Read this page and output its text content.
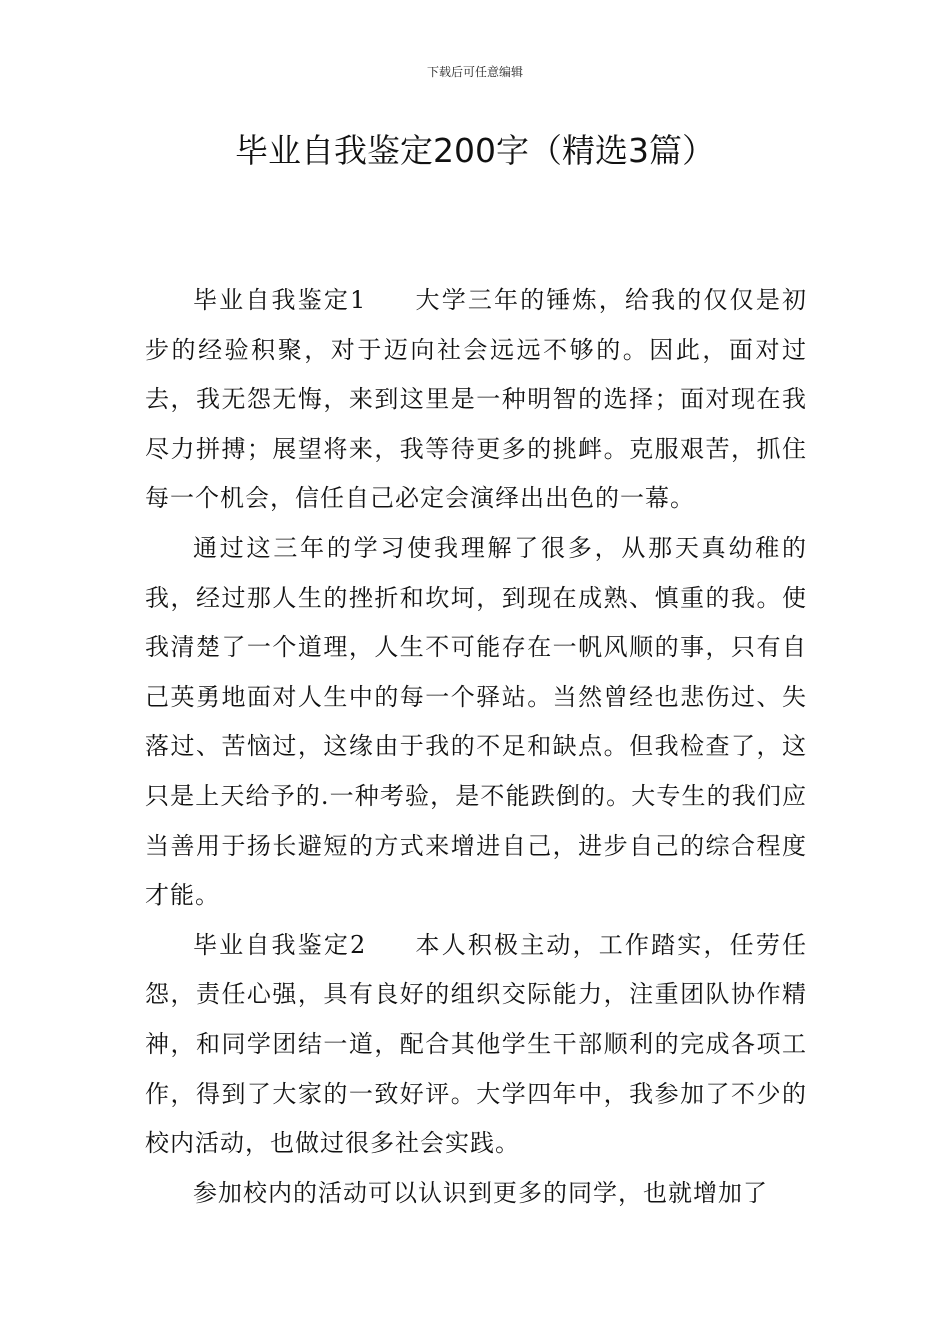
下载后可任意编辑
毕业自我鉴定200字（精选3篇）

毕业自我鉴定1 大学三年的锤炼，给我的仅仅是初步的经验积聚，对于迈向社会远远不够的。因此，面对过去，我无怨无悔，来到这里是一种明智的选择；面对现在我尽力拼搏；展望将来，我等待更多的挑衅。克服艰苦，抓住每一个机会，信任自己必定会演绎出出色的一幕。

通过这三年的学习使我理解了很多，从那天真幼稚的我，经过那人生的挫折和坎坷，到现在成熟、慎重的我。使我清楚了一个道理，人生不可能存在一帆风顺的事，只有自己英勇地面对人生中的每一个驿站。当然曾经也悲伤过、失落过、苦恼过，这缘由于我的不足和缺点。但我检查了，这只是上天给予的.一种考验，是不能跌倒的。大专生的我们应当善用于扬长避短的方式来增进自己，进步自己的综合程度才能。

毕业自我鉴定2 本人积极主动，工作踏实，任劳任怨，责任心强，具有良好的组织交际能力，注重团队协作精神，和同学团结一道，配合其他学生干部顺利的完成各项工作，得到了大家的一致好评。大学四年中，我参加了不少的校内活动，也做过很多社会实践。

参加校内的活动可以认识到更多的同学，也就增加了
